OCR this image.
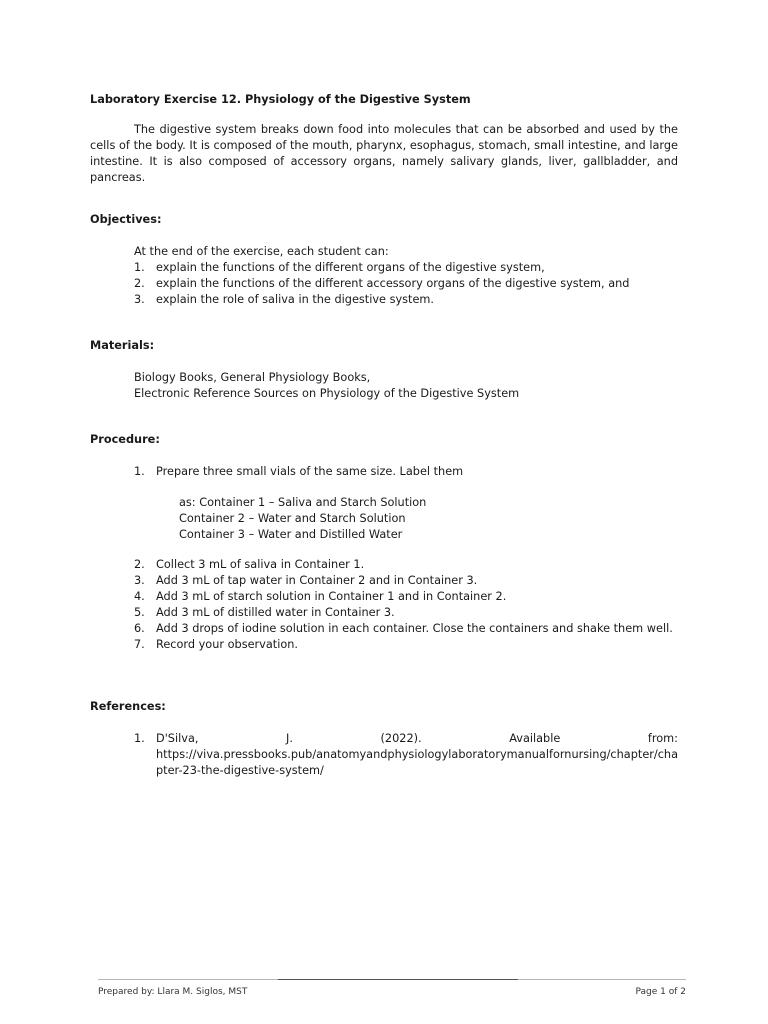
Laboratory Exercise 12. Physiology of the Digestive System

The digestive system breaks down food into molecules that can be absorbed and used by the cells of the body. It is composed of the mouth, pharynx, esophagus, stomach, small intestine, and large intestine. It is also composed of accessory organs, namely salivary glands, liver, gallbladder, and pancreas.

Objectives:

At the end of the exercise, each student can:
1. explain the functions of the different organs of the digestive system,
2. explain the functions of the different accessory organs of the digestive system, and
3. explain the role of saliva in the digestive system.

Materials:

Biology Books, General Physiology Books,
Electronic Reference Sources on Physiology of the Digestive System

Procedure:

1. Prepare three small vials of the same size. Label them
as: Container 1 – Saliva and Starch Solution
Container 2 – Water and Starch Solution
Container 3 – Water and Distilled Water
2. Collect 3 mL of saliva in Container 1.
3. Add 3 mL of tap water in Container 2 and in Container 3.
4. Add 3 mL of starch solution in Container 1 and in Container 2.
5. Add 3 mL of distilled water in Container 3.
6. Add 3 drops of iodine solution in each container. Close the containers and shake them well.
7. Record your observation.

References:

1. D'Silva,	J.	(2022).	Available	from:
https://viva.pressbooks.pub/anatomyandphysiologylaboratorymanualfornursing/chapter/chapter-23-the-digestive-system/
Prepared by: Llara M. Siglos, MST	Page 1 of 2
